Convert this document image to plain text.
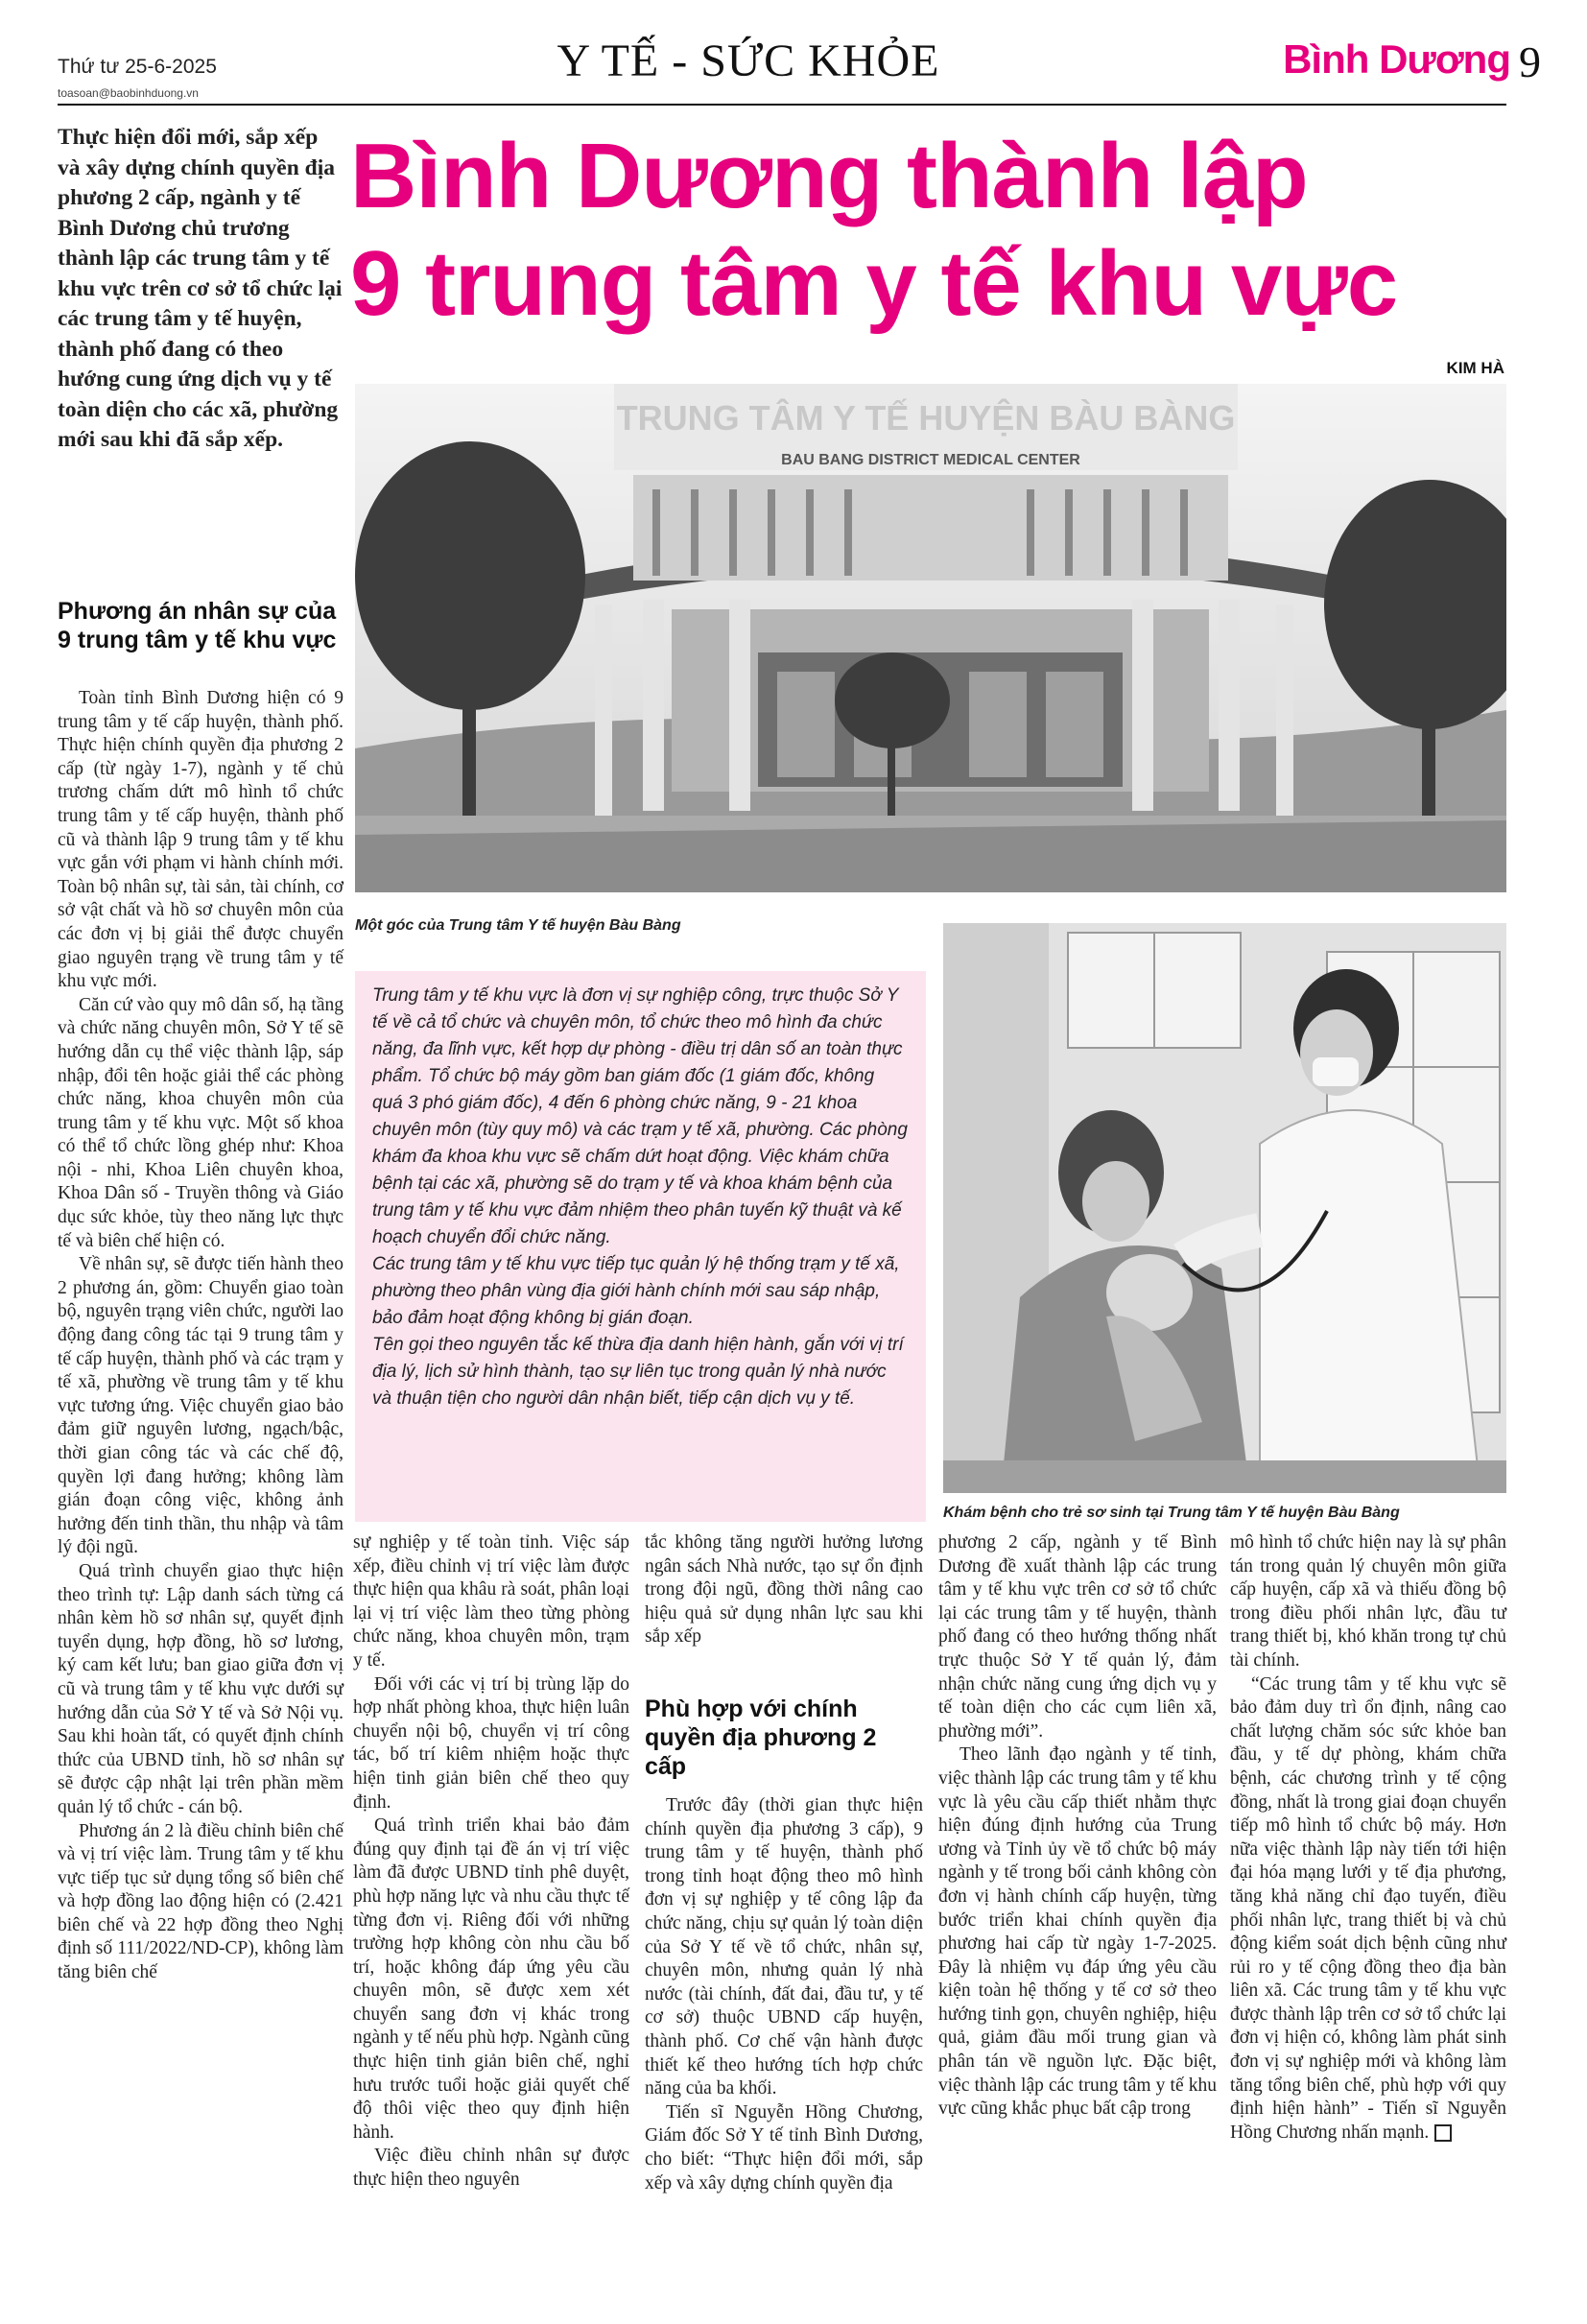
Thứ tư 25-6-2025
toasoan@baobinhduong.vn
Y TẾ - SỨC KHỎE	Bình Dương 9
Thực hiện đổi mới, sắp xếp và xây dựng chính quyền địa phương 2 cấp, ngành y tế Bình Dương chủ trương thành lập các trung tâm y tế khu vực trên cơ sở tổ chức lại các trung tâm y tế huyện, thành phố đang có theo hướng cung ứng dịch vụ y tế toàn diện cho các xã, phường mới sau khi đã sắp xếp.
Bình Dương thành lập
9 trung tâm y tế khu vực
KIM HÀ
TRUNG TÂM Y TẾ HUYỆN BÀU BÀNG
BAU BANG DISTRICT MEDICAL CENTER
Một góc của Trung tâm Y tế huyện Bàu Bàng
Khám bệnh cho trẻ sơ sinh tại Trung tâm Y tế huyện Bàu Bàng

Trung tâm y tế khu vực là đơn vị sự nghiệp công, trực thuộc Sở Y tế về cả tổ chức và chuyên môn, tổ chức theo mô hình đa chức năng, đa lĩnh vực, kết hợp dự phòng - điều trị dân số an toàn thực phẩm. Tổ chức bộ máy gồm ban giám đốc (1 giám đốc, không quá 3 phó giám đốc), 4 đến 6 phòng chức năng, 9 - 21 khoa chuyên môn (tùy quy mô) và các trạm y tế xã, phường. Các phòng khám đa khoa khu vực sẽ chấm dứt hoạt động. Việc khám chữa bệnh tại các xã, phường sẽ do trạm y tế và khoa khám bệnh của trung tâm y tế khu vực đảm nhiệm theo phân tuyến kỹ thuật và kế hoạch chuyển đổi chức năng.

Các trung tâm y tế khu vực tiếp tục quản lý hệ thống trạm y tế xã, phường theo phân vùng địa giới hành chính mới sau sáp nhập, bảo đảm hoạt động không bị gián đoạn.

Tên gọi theo nguyên tắc kế thừa địa danh hiện hành, gắn với vị trí địa lý, lịch sử hình thành, tạo sự liên tục trong quản lý nhà nước và thuận tiện cho người dân nhận biết, tiếp cận dịch vụ y tế.

Phương án nhân sự của 9 trung tâm y tế khu vực

Toàn tỉnh Bình Dương hiện có 9 trung tâm y tế cấp huyện, thành phố. Thực hiện chính quyền địa phương 2 cấp (từ ngày 1-7), ngành y tế chủ trương chấm dứt mô hình tổ chức trung tâm y tế cấp huyện, thành phố cũ và thành lập 9 trung tâm y tế khu vực gắn với phạm vi hành chính mới. Toàn bộ nhân sự, tài sản, tài chính, cơ sở vật chất và hồ sơ chuyên môn của các đơn vị bị giải thể được chuyển giao nguyên trạng về trung tâm y tế khu vực mới.

Căn cứ vào quy mô dân số, hạ tầng và chức năng chuyên môn, Sở Y tế sẽ hướng dẫn cụ thể việc thành lập, sáp nhập, đổi tên hoặc giải thể các phòng chức năng, khoa chuyên môn của trung tâm y tế khu vực. Một số khoa có thể tổ chức lồng ghép như: Khoa nội - nhi, Khoa Liên chuyên khoa, Khoa Dân số - Truyền thông và Giáo dục sức khỏe, tùy theo năng lực thực tế và biên chế hiện có.

Về nhân sự, sẽ được tiến hành theo 2 phương án, gồm: Chuyển giao toàn bộ, nguyên trạng viên chức, người lao động đang công tác tại 9 trung tâm y tế cấp huyện, thành phố và các trạm y tế xã, phường về trung tâm y tế khu vực tương ứng. Việc chuyển giao bảo đảm giữ nguyên lương, ngạch/bậc, thời gian công tác và các chế độ, quyền lợi đang hưởng; không làm gián đoạn công việc, không ảnh hưởng đến tinh thần, thu nhập và tâm lý đội ngũ.

Quá trình chuyển giao thực hiện theo trình tự: Lập danh sách từng cá nhân kèm hồ sơ nhân sự, quyết định tuyển dụng, hợp đồng, hồ sơ lương, ký cam kết lưu; ban giao giữa đơn vị cũ và trung tâm y tế khu vực dưới sự hướng dẫn của Sở Y tế và Sở Nội vụ. Sau khi hoàn tất, có quyết định chính thức của UBND tỉnh, hồ sơ nhân sự sẽ được cập nhật lại trên phần mềm quản lý tổ chức - cán bộ.

Phương án 2 là điều chỉnh biên chế và vị trí việc làm. Trung tâm y tế khu vực tiếp tục sử dụng tổng số biên chế và hợp đồng lao động hiện có (2.421 biên chế và 22 hợp đồng theo Nghị định số 111/2022/ND-CP), không làm tăng biên chế

sự nghiệp y tế toàn tỉnh. Việc sáp xếp, điều chỉnh vị trí việc làm được thực hiện qua khâu rà soát, phân loại lại vị trí việc làm theo từng phòng chức năng, khoa chuyên môn, trạm y tế.

Đối với các vị trí bị trùng lặp do hợp nhất phòng khoa, thực hiện luân chuyển nội bộ, chuyển vị trí công tác, bố trí kiêm nhiệm hoặc thực hiện tinh giản biên chế theo quy định.

Quá trình triển khai bảo đảm đúng quy định tại đề án vị trí việc làm đã được UBND tỉnh phê duyệt, phù hợp năng lực và nhu cầu thực tế từng đơn vị. Riêng đối với những trường hợp không còn nhu cầu bố trí, hoặc không đáp ứng yêu cầu chuyên môn, sẽ được xem xét chuyển sang đơn vị khác trong ngành y tế nếu phù hợp. Ngành cũng thực hiện tinh giản biên chế, nghỉ hưu trước tuổi hoặc giải quyết chế độ thôi việc theo quy định hiện hành.

Việc điều chỉnh nhân sự được thực hiện theo nguyên

tắc không tăng người hưởng lương ngân sách Nhà nước, tạo sự ổn định trong đội ngũ, đồng thời nâng cao hiệu quả sử dụng nhân lực sau khi sắp xếp

Phù hợp với chính quyền địa phương 2 cấp

Trước đây (thời gian thực hiện chính quyền địa phương 3 cấp), 9 trung tâm y tế huyện, thành phố trong tỉnh hoạt động theo mô hình đơn vị sự nghiệp y tế công lập đa chức năng, chịu sự quản lý toàn diện của Sở Y tế về tổ chức, nhân sự, chuyên môn, nhưng quản lý nhà nước (tài chính, đất đai, đầu tư, y tế cơ sở) thuộc UBND cấp huyện, thành phố. Cơ chế vận hành được thiết kế theo hướng tích hợp chức năng của ba khối.

Tiến sĩ Nguyễn Hồng Chương, Giám đốc Sở Y tế tỉnh Bình Dương, cho biết: “Thực hiện đổi mới, sắp xếp và xây dựng chính quyền địa

phương 2 cấp, ngành y tế Bình Dương đề xuất thành lập các trung tâm y tế khu vực trên cơ sở tổ chức lại các trung tâm y tế huyện, thành phố đang có theo hướng thống nhất trực thuộc Sở Y tế quản lý, đảm nhận chức năng cung ứng dịch vụ y tế toàn diện cho các cụm liên xã, phường mới”.

Theo lãnh đạo ngành y tế tỉnh, việc thành lập các trung tâm y tế khu vực là yêu cầu cấp thiết nhằm thực hiện đúng định hướng của Trung ương và Tỉnh ủy về tổ chức bộ máy ngành y tế trong bối cảnh không còn đơn vị hành chính cấp huyện, từng bước triển khai chính quyền địa phương hai cấp từ ngày 1-7-2025. Đây là nhiệm vụ đáp ứng yêu cầu kiện toàn hệ thống y tế cơ sở theo hướng tinh gọn, chuyên nghiệp, hiệu quả, giảm đầu mối trung gian và phân tán về nguồn lực. Đặc biệt, việc thành lập các trung tâm y tế khu vực cũng khắc phục bất cập trong

mô hình tổ chức hiện nay là sự phân tán trong quản lý chuyên môn giữa cấp huyện, cấp xã và thiếu đồng bộ trong điều phối nhân lực, đầu tư trang thiết bị, khó khăn trong tự chủ tài chính.

“Các trung tâm y tế khu vực sẽ bảo đảm duy trì ổn định, nâng cao chất lượng chăm sóc sức khỏe ban đầu, y tế dự phòng, khám chữa bệnh, các chương trình y tế cộng đồng, nhất là trong giai đoạn chuyển tiếp mô hình tổ chức bộ máy. Hơn nữa việc thành lập này tiến tới hiện đại hóa mạng lưới y tế địa phương, tăng khả năng chỉ đạo tuyến, điều phối nhân lực, trang thiết bị và chủ động kiểm soát dịch bệnh cũng như rủi ro y tế cộng đồng theo địa bàn liên xã. Các trung tâm y tế khu vực được thành lập trên cơ sở tổ chức lại đơn vị hiện có, không làm phát sinh đơn vị sự nghiệp mới và không làm tăng tổng biên chế, phù hợp với quy định hiện hành” - Tiến sĩ Nguyễn Hồng Chương nhấn mạnh.
